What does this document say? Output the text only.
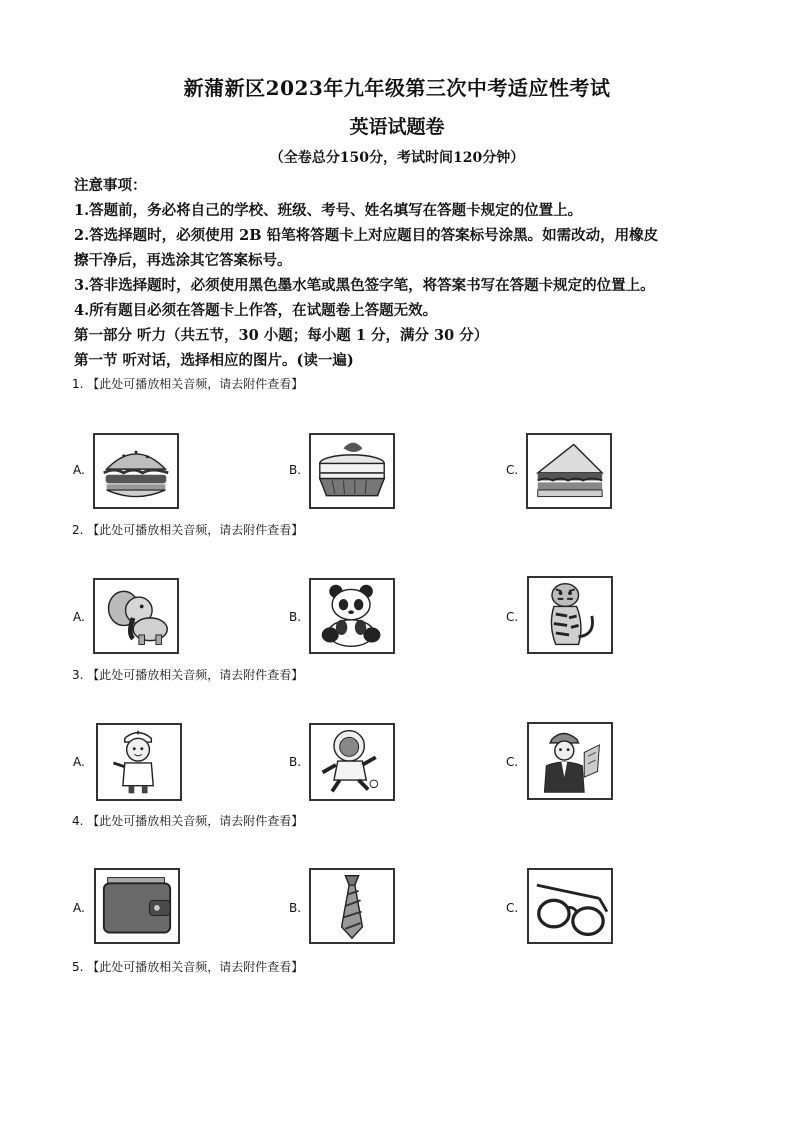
新蒲新区2023年九年级第三次中考适应性考试
英语试题卷
（全卷总分150分，考试时间120分钟）

注意事项：

1.答题前，务必将自己的学校、班级、考号、姓名填写在答题卡规定的位置上。

2.答选择题时，必须使用 2B 铅笔将答题卡上对应题目的答案标号涂黑。如需改动，用橡皮

擦干净后，再选涂其它答案标号。

3.答非选择题时，必须使用黑色墨水笔或黑色签字笔，将答案书写在答题卡规定的位置上。

4.所有题目必须在答题卡上作答，在试题卷上答题无效。

第一部分 听力（共五节，30 小题；每小题 1 分，满分 30 分）

第一节 听对话，选择相应的图片。(读一遍)

1. 【此处可播放相关音频，请去附件查看】
A.	B.	C.
2. 【此处可播放相关音频，请去附件查看】
A.	B.	C.
3. 【此处可播放相关音频，请去附件查看】
A.	B.	C.
4. 【此处可播放相关音频，请去附件查看】
A.	B.	C.
5. 【此处可播放相关音频，请去附件查看】
